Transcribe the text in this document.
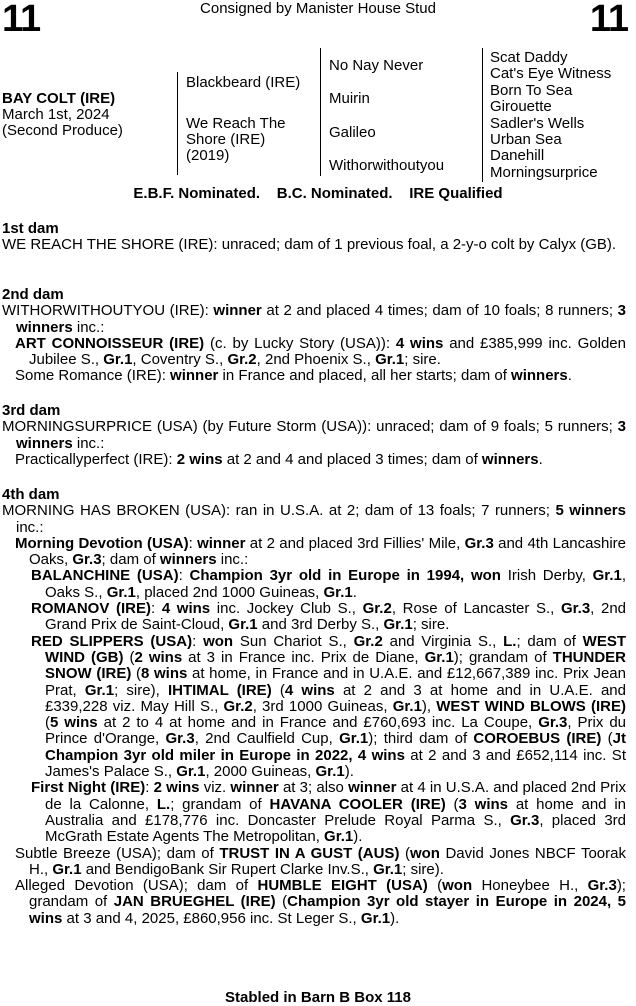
11	11
Consigned by Manister House Stud
BAY COLT (IRE)
March 1st, 2024
(Second Produce)
Blackbeard (IRE)
We Reach The
Shore (IRE)
(2019)
No Nay Never
Muirin
Galileo
Withorwithoutyou
Scat Daddy
Cat's Eye Witness
Born To Sea
Girouette
Sadler's Wells
Urban Sea
Danehill
Morningsurprice
E.B.F. Nominated.    B.C. Nominated.    IRE Qualified
1st dam
WE REACH THE SHORE (IRE): unraced; dam of 1 previous foal, a 2-y-o colt by Calyx (GB).
2nd dam
WITHORWITHOUTYOU (IRE): winner at 2 and placed 4 times; dam of 10 foals; 8 runners; 3 winners inc.:
ART CONNOISSEUR (IRE) (c. by Lucky Story (USA)): 4 wins and £385,999 inc. Golden Jubilee S., Gr.1, Coventry S., Gr.2, 2nd Phoenix S., Gr.1; sire.
Some Romance (IRE): winner in France and placed, all her starts; dam of winners.
3rd dam
MORNINGSURPRICE (USA) (by Future Storm (USA)): unraced; dam of 9 foals; 5 runners; 3 winners inc.:
Practicallyperfect (IRE): 2 wins at 2 and 4 and placed 3 times; dam of winners.
4th dam
MORNING HAS BROKEN (USA): ran in U.S.A. at 2; dam of 13 foals; 7 runners; 5 winners inc.:
Morning Devotion (USA): winner at 2 and placed 3rd Fillies' Mile, Gr.3 and 4th Lancashire Oaks, Gr.3; dam of winners inc.:
BALANCHINE (USA): Champion 3yr old in Europe in 1994, won Irish Derby, Gr.1, Oaks S., Gr.1, placed 2nd 1000 Guineas, Gr.1.
ROMANOV (IRE): 4 wins inc. Jockey Club S., Gr.2, Rose of Lancaster S., Gr.3, 2nd Grand Prix de Saint-Cloud, Gr.1 and 3rd Derby S., Gr.1; sire.
RED SLIPPERS (USA): won Sun Chariot S., Gr.2 and Virginia S., L.; dam of WEST WIND (GB) (2 wins at 3 in France inc. Prix de Diane, Gr.1); grandam of THUNDER SNOW (IRE) (8 wins at home, in France and in U.A.E. and £12,667,389 inc. Prix Jean Prat, Gr.1; sire), IHTIMAL (IRE) (4 wins at 2 and 3 at home and in U.A.E. and £339,228 viz. May Hill S., Gr.2, 3rd 1000 Guineas, Gr.1), WEST WIND BLOWS (IRE) (5 wins at 2 to 4 at home and in France and £760,693 inc. La Coupe, Gr.3, Prix du Prince d'Orange, Gr.3, 2nd Caulfield Cup, Gr.1); third dam of COROEBUS (IRE) (Jt Champion 3yr old miler in Europe in 2022, 4 wins at 2 and 3 and £652,114 inc. St James's Palace S., Gr.1, 2000 Guineas, Gr.1).
First Night (IRE): 2 wins viz. winner at 3; also winner at 4 in U.S.A. and placed 2nd Prix de la Calonne, L.; grandam of HAVANA COOLER (IRE) (3 wins at home and in Australia and £178,776 inc. Doncaster Prelude Royal Parma S., Gr.3, placed 3rd McGrath Estate Agents The Metropolitan, Gr.1).
Subtle Breeze (USA); dam of TRUST IN A GUST (AUS) (won David Jones NBCF Toorak H., Gr.1 and BendigoBank Sir Rupert Clarke Inv.S., Gr.1; sire).
Alleged Devotion (USA); dam of HUMBLE EIGHT (USA) (won Honeybee H., Gr.3); grandam of JAN BRUEGHEL (IRE) (Champion 3yr old stayer in Europe in 2024, 5 wins at 3 and 4, 2025, £860,956 inc. St Leger S., Gr.1).
Stabled in Barn B Box 118
